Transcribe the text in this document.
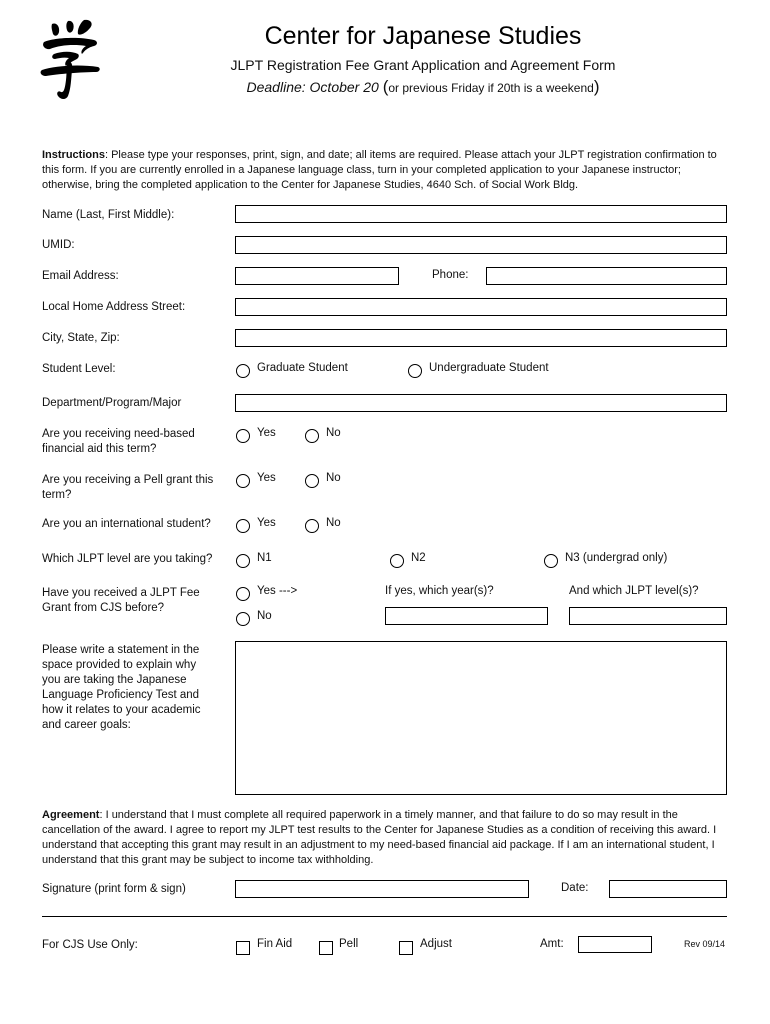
Center for Japanese Studies
JLPT Registration Fee Grant Application and Agreement Form
Deadline: October 20 (or previous Friday if 20th is a weekend)
Instructions: Please type your responses, print, sign, and date; all items are required. Please attach your JLPT registration confirmation to this form. If you are currently enrolled in a Japanese language class, turn in your completed application to your Japanese instructor; otherwise, bring the completed application to the Center for Japanese Studies, 4640 Sch. of Social Work Bldg.
Name (Last, First Middle):
UMID:
Email Address:	Phone:
Local Home Address Street:
City, State, Zip:
Student Level:	Graduate Student	Undergraduate Student
Department/Program/Major
Are you receiving need-based financial aid this term?
Yes	No
Are you receiving a Pell grant this term?
Yes	No
Are you an international student?	Yes	No
Which JLPT level are you taking?	N1	N2	N3 (undergrad only)
Have you received a JLPT Fee Grant from CJS before?
Yes --->
No
If yes, which year(s)?	And which JLPT level(s)?
Please write a statement in the space provided to explain why you are taking the Japanese Language Proficiency Test and how it relates to your academic and career goals:
Agreement: I understand that I must complete all required paperwork in a timely manner, and that failure to do so may result in the cancellation of the award. I agree to report my JLPT test results to the Center for Japanese Studies as a condition of receiving this award. I understand that accepting this grant may result in an adjustment to my need-based financial aid package. If I am an international student, I understand that this grant may be subject to income tax withholding.
Signature (print form & sign)	Date:
For CJS Use Only:	Fin Aid	Pell	Adjust	Amt:	Rev 09/14
